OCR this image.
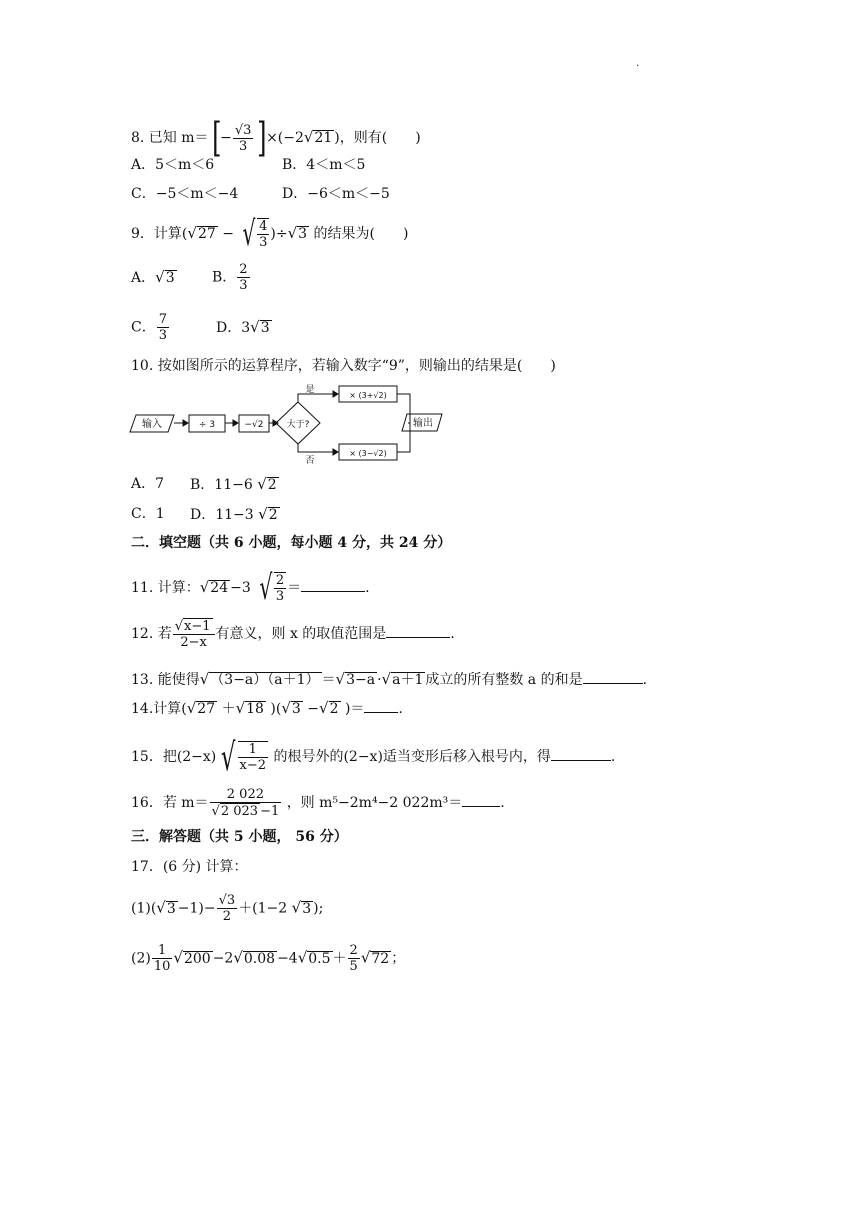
.
8. 已知 $m=[- \frac{√3}{3} ]\times(-2√21$ )，则有(　　)
A．5＜m＜6	B．4＜m＜5
C．−5＜m＜−4	D．−6＜m＜−5
9．计算(√27 − √ $\frac{4}{3} )\div√3$ 的结果为(　　)
A．√3	B． $\frac{2}{3}$
C． $\frac{7}{3}$	D．3√3
10. 按如图所示的运算程序，若输入数字“9”，则输出的结果是(　　)
输入	÷ 3	−√2	大于?
是
否
× (3+√2)
× (3−√2)
输出
A．7 B．11−6 √2
C．1 D．11−3 √2
二．填空题（共 6 小题，每小题 4 分，共 24 分）
11. 计算：√24 −3 √ $\frac{2}{3}$ ＝	.
12. 若 $\frac{√x-1}{2-x}$ 有意义，则 x 的取值范围是	.
13. 能使得√（3−a）（a＋1） ＝√3−a ·√a＋1 成立的所有整数 a 的和是	.
14.计算(√27 ＋√18 )(√3 −√2 )＝ .
15．把(2−x) √ $\frac{1}{x-2}$ 的根号外的(2−x)适当变形后移入根号内，得	.
16．若 $m= \frac{2 022}{√2 023 -1}$ ，则 m⁵−2m⁴−2 022m³＝	.
三．解答题（共 5 小题， 56 分）
17．(6 分) 计算：
$(1)(√3 -1)- \frac{√3}{2} +(1-2$ √3 );
$(2) \frac{1}{10} √200 -2√0.08 -4√0.5 + \frac{2}{5} √72$ ；
